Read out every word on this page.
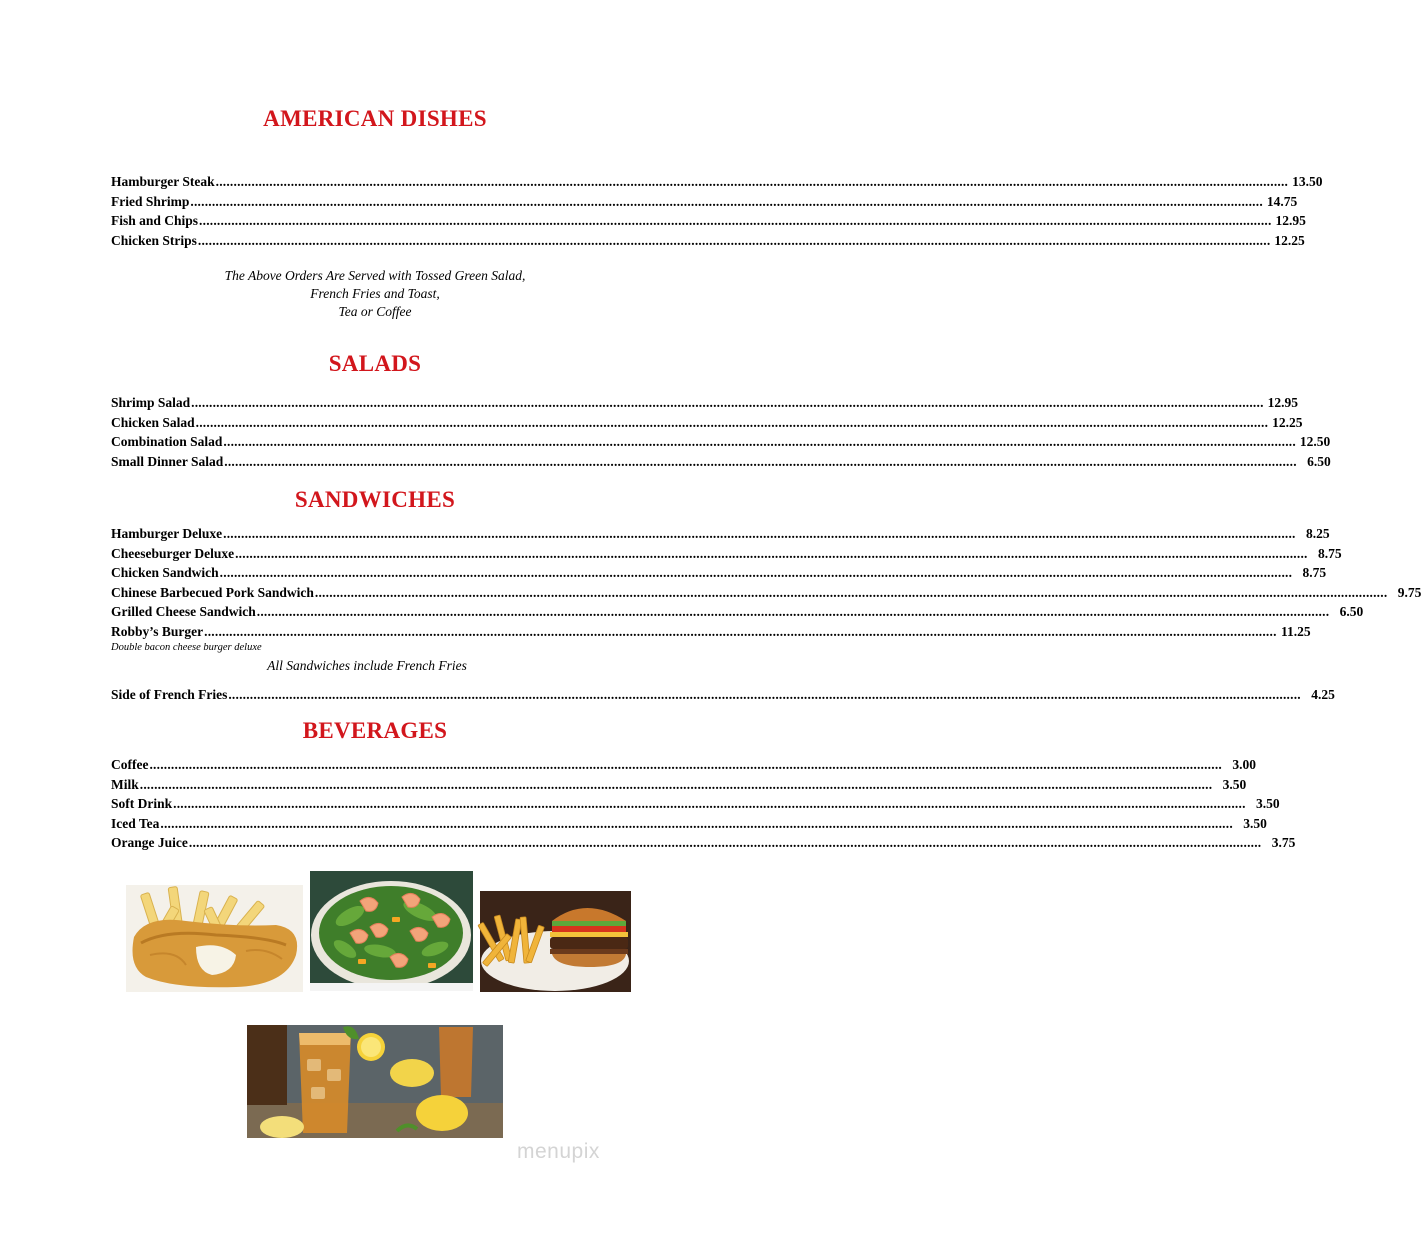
AMERICAN DISHES
Hamburger Steak ............................................................................................................................................................................................................................................................................................................ 13.50
Fried Shrimp ............................................................................................................................................................................................................................................................................................................ 14.75
Fish and Chips ............................................................................................................................................................................................................................................................................................................ 12.95
Chicken Strips ............................................................................................................................................................................................................................................................................................................ 12.25
The Above Orders Are Served with Tossed Green Salad,
French Fries and Toast,
Tea or Coffee
SALADS
Shrimp Salad ............................................................................................................................................................................................................................................................................................................ 12.95
Chicken Salad ............................................................................................................................................................................................................................................................................................................ 12.25
Combination Salad ............................................................................................................................................................................................................................................................................................................ 12.50
Small Dinner Salad ............................................................................................................................................................................................................................................................................................................ 6.50
SANDWICHES
Hamburger Deluxe ............................................................................................................................................................................................................................................................................................................ 8.25
Cheeseburger Deluxe ............................................................................................................................................................................................................................................................................................................ 8.75
Chicken Sandwich ............................................................................................................................................................................................................................................................................................................ 8.75
Chinese Barbecued Pork Sandwich ............................................................................................................................................................................................................................................................................................................ 9.75
Grilled Cheese Sandwich ............................................................................................................................................................................................................................................................................................................ 6.50
Robby’s Burger ............................................................................................................................................................................................................................................................................................................ 11.25
Double bacon cheese burger deluxe
All Sandwiches include French Fries
Side of French Fries ............................................................................................................................................................................................................................................................................................................ 4.25
BEVERAGES
Coffee ............................................................................................................................................................................................................................................................................................................ 3.00
Milk ............................................................................................................................................................................................................................................................................................................ 3.50
Soft Drink ............................................................................................................................................................................................................................................................................................................ 3.50
Iced Tea ............................................................................................................................................................................................................................................................................................................ 3.50
Orange Juice ............................................................................................................................................................................................................................................................................................................ 3.75
menupix
